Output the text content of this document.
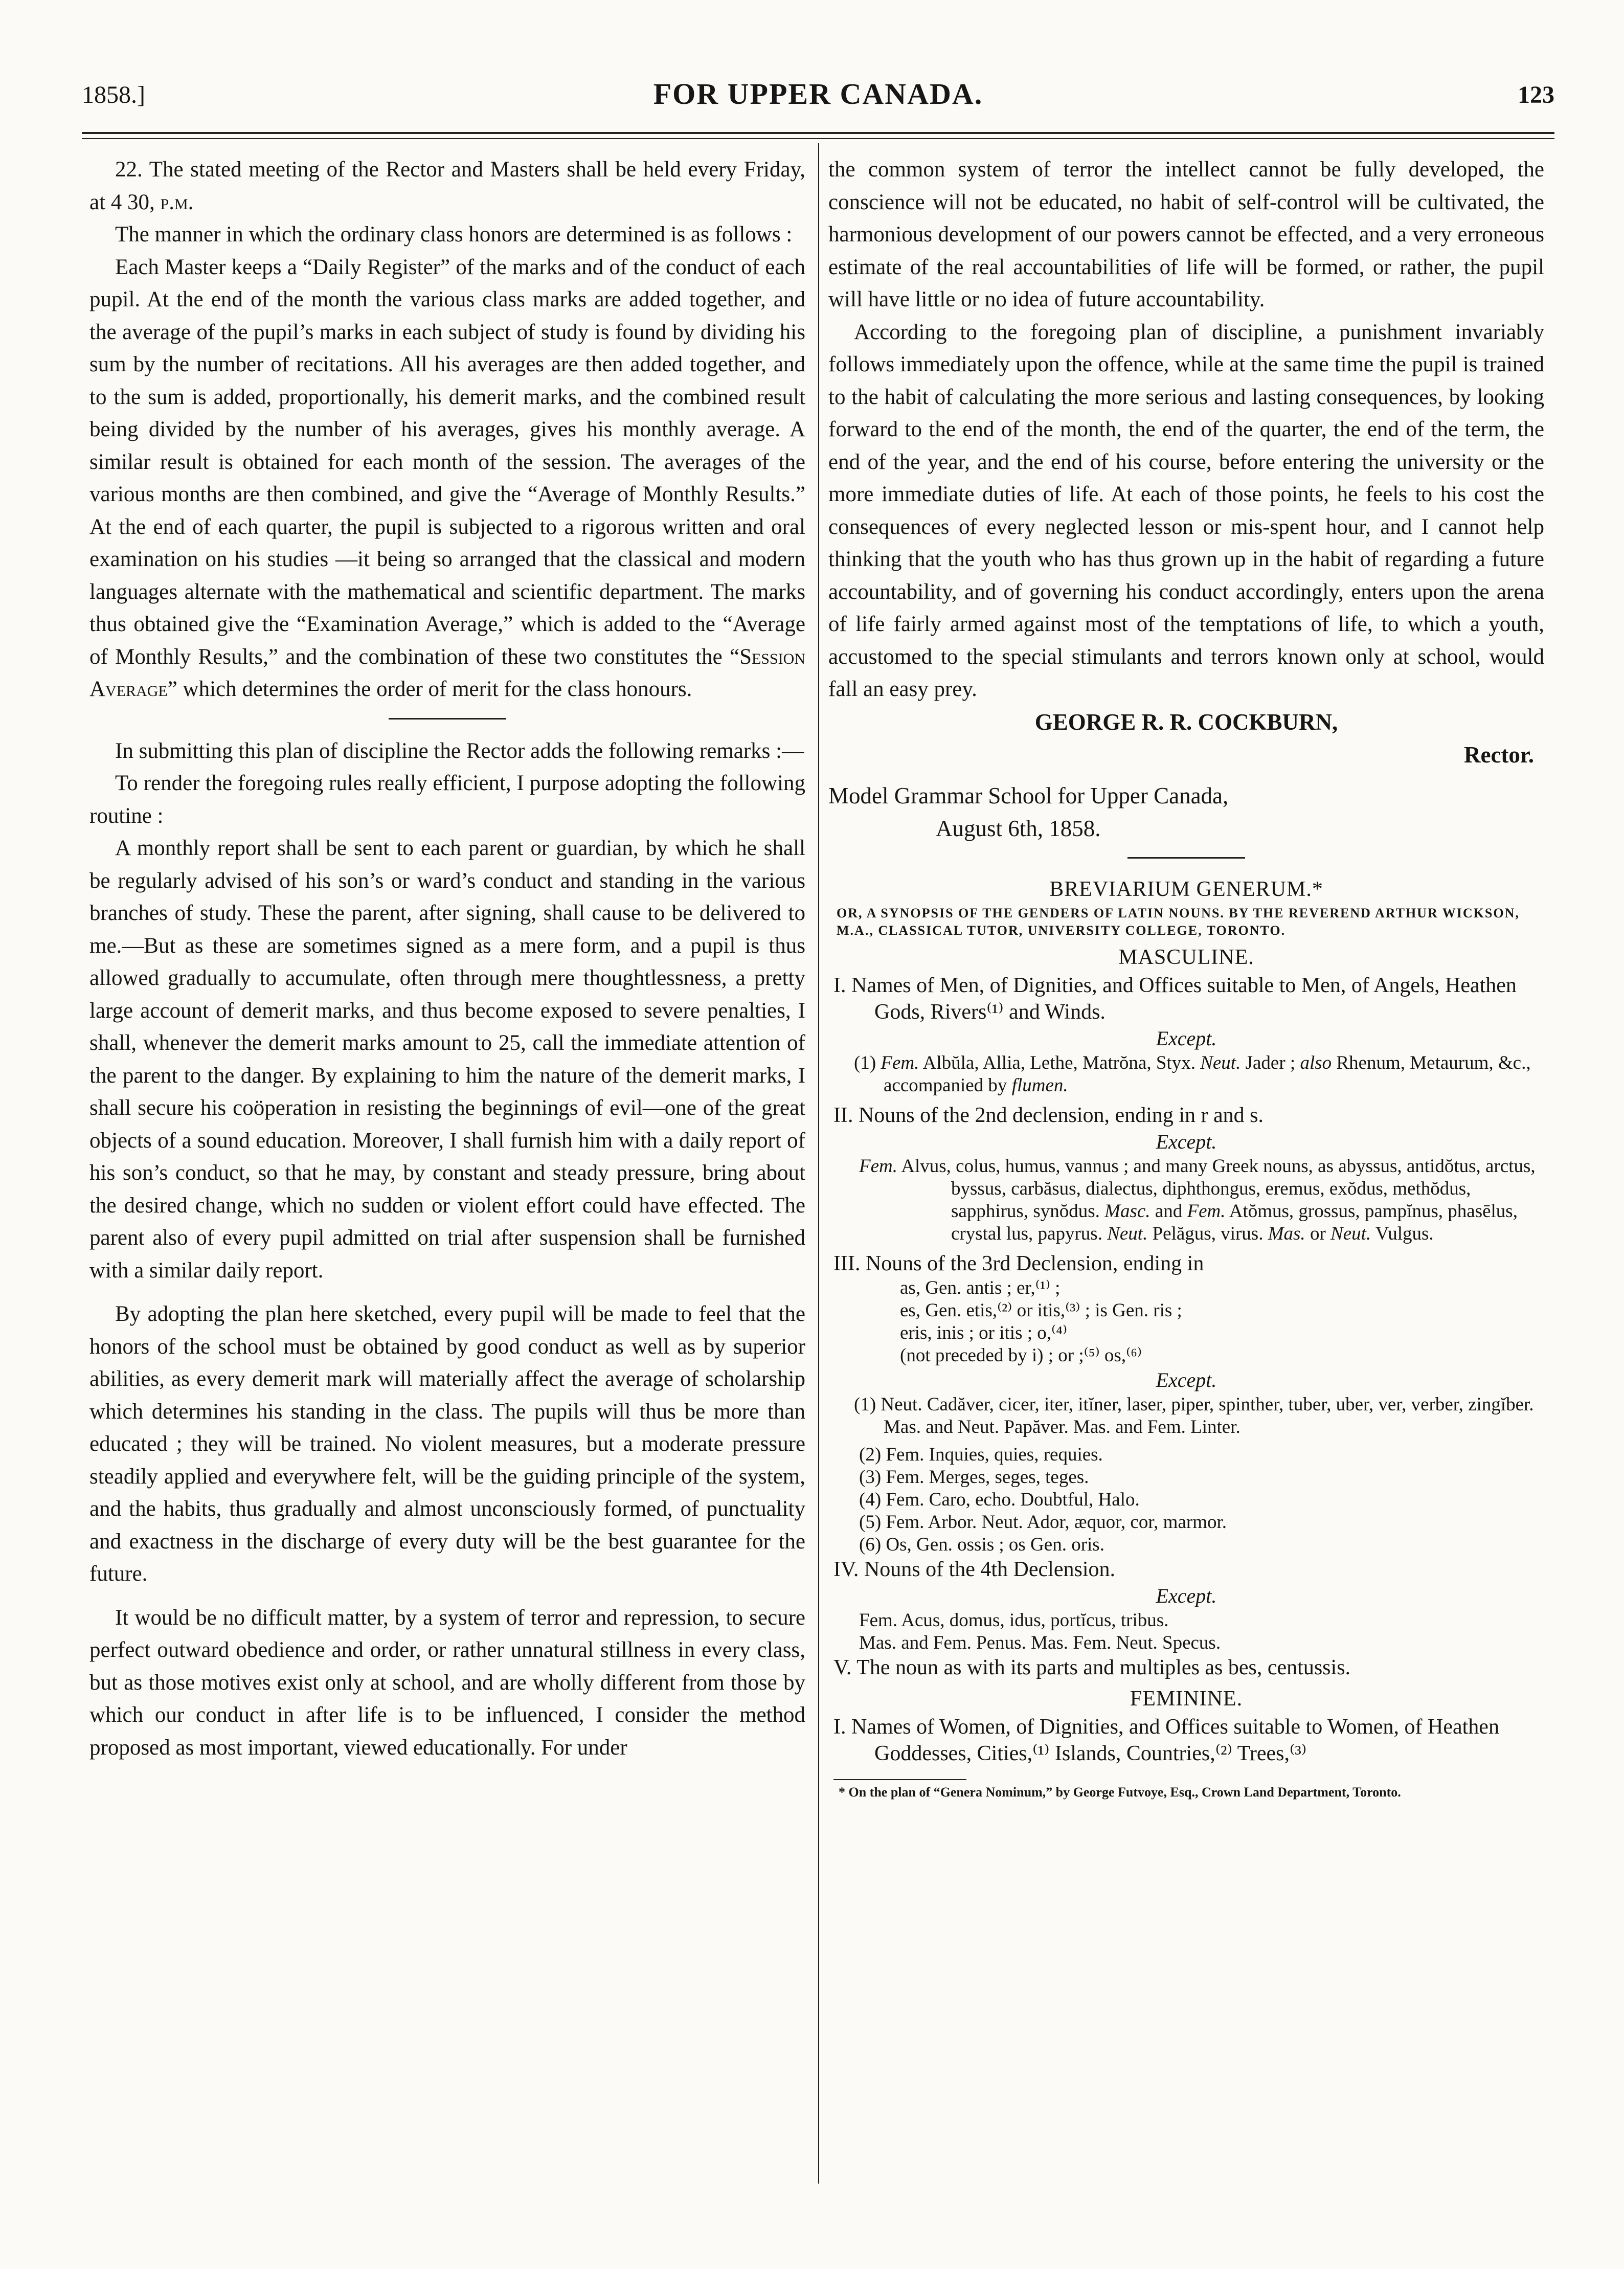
1858.]	FOR UPPER CANADA.	123

22. The stated meeting of the Rector and Masters shall be held every Friday, at 4 30, p.m.

The manner in which the ordinary class honors are determined is as follows :

Each Master keeps a “Daily Register” of the marks and of the conduct of each pupil. At the end of the month the various class marks are added together, and the average of the pupil’s marks in each subject of study is found by dividing his sum by the number of recitations. All his averages are then added together, and to the sum is added, proportionally, his demerit marks, and the combined result being divided by the number of his averages, gives his monthly average. A similar result is obtained for each month of the session. The averages of the various months are then combined, and give the “Average of Monthly Results.” At the end of each quarter, the pupil is subjected to a rigorous written and oral examination on his studies —it being so arranged that the classical and modern languages alternate with the mathematical and scientific department. The marks thus obtained give the “Examination Average,” which is added to the “Average of Monthly Results,” and the combination of these two constitutes the “Session Average” which determines the order of merit for the class honours.

In submitting this plan of discipline the Rector adds the following remarks :—

To render the foregoing rules really efficient, I purpose adopting the following routine :

A monthly report shall be sent to each parent or guardian, by which he shall be regularly advised of his son’s or ward’s conduct and standing in the various branches of study. These the parent, after signing, shall cause to be delivered to me.—But as these are sometimes signed as a mere form, and a pupil is thus allowed gradually to accumulate, often through mere thoughtlessness, a pretty large account of demerit marks, and thus become exposed to severe penalties, I shall, whenever the demerit marks amount to 25, call the immediate attention of the parent to the danger. By explaining to him the nature of the demerit marks, I shall secure his coöperation in resisting the beginnings of evil—one of the great objects of a sound education. Moreover, I shall furnish him with a daily report of his son’s conduct, so that he may, by constant and steady pressure, bring about the desired change, which no sudden or violent effort could have effected. The parent also of every pupil admitted on trial after suspension shall be furnished with a similar daily report.

By adopting the plan here sketched, every pupil will be made to feel that the honors of the school must be obtained by good conduct as well as by superior abilities, as every demerit mark will materially affect the average of scholarship which determines his standing in the class. The pupils will thus be more than educated ; they will be trained. No violent measures, but a moderate pressure steadily applied and everywhere felt, will be the guiding principle of the system, and the habits, thus gradually and almost unconsciously formed, of punctuality and exactness in the discharge of every duty will be the best guarantee for the future.

It would be no difficult matter, by a system of terror and repression, to secure perfect outward obedience and order, or rather unnatural stillness in every class, but as those motives exist only at school, and are wholly different from those by which our conduct in after life is to be influenced, I consider the method proposed as most important, viewed educationally. For under

the common system of terror the intellect cannot be fully developed, the conscience will not be educated, no habit of self-control will be cultivated, the harmonious development of our powers cannot be effected, and a very erroneous estimate of the real accountabilities of life will be formed, or rather, the pupil will have little or no idea of future accountability.

According to the foregoing plan of discipline, a punishment invariably follows immediately upon the offence, while at the same time the pupil is trained to the habit of calculating the more serious and lasting consequences, by looking forward to the end of the month, the end of the quarter, the end of the term, the end of the year, and the end of his course, before entering the university or the more immediate duties of life. At each of those points, he feels to his cost the consequences of every neglected lesson or mis-spent hour, and I cannot help thinking that the youth who has thus grown up in the habit of regarding a future accountability, and of governing his conduct accordingly, enters upon the arena of life fairly armed against most of the temptations of life, to which a youth, accustomed to the special stimulants and terrors known only at school, would fall an easy prey.

GEORGE R. R. COCKBURN,
Rector.
Model Grammar School for Upper Canada,
August 6th, 1858.
BREVIARIUM GENERUM.*
OR, A SYNOPSIS OF THE GENDERS OF LATIN NOUNS. BY THE REVEREND ARTHUR WICKSON, M.A., CLASSICAL TUTOR, UNIVERSITY COLLEGE, TORONTO.
MASCULINE.
I. Names of Men, of Dignities, and Offices suitable to Men, of Angels, Heathen Gods, Rivers⁽¹⁾ and Winds.
Except.
(1) Fem. Albŭla, Allia, Lethe, Matrŏna, Styx. Neut. Jader ; also Rhenum, Metaurum, &c., accompanied by flumen.
II. Nouns of the 2nd declension, ending in r and s.
Except.
Fem. Alvus, colus, humus, vannus ; and many Greek nouns, as abyssus, antidŏtus, arctus, byssus, carbăsus, dialectus, diphthongus, eremus, exŏdus, methŏdus, sapphirus, synŏdus. Masc. and Fem. Atŏmus, grossus, pampĭnus, phasēlus, crystal lus, papyrus. Neut. Pelăgus, virus. Mas. or Neut. Vulgus.
III. Nouns of the 3rd Declension, ending in
as, Gen. antis ; er,⁽¹⁾ ;
es, Gen. etis,⁽²⁾ or itis,⁽³⁾ ; is Gen. ris ;
eris, inis ; or itis ; o,⁽⁴⁾
(not preceded by i) ; or ;⁽⁵⁾ os,⁽⁶⁾
Except.
(1) Neut. Cadăver, cicer, iter, itĭner, laser, piper, spinther, tuber, uber, ver, verber, zingĭber. Mas. and Neut. Papăver. Mas. and Fem. Linter.
(2) Fem. Inquies, quies, requies.
(3) Fem. Merges, seges, teges.
(4) Fem. Caro, echo. Doubtful, Halo.
(5) Fem. Arbor. Neut. Ador, æquor, cor, marmor.
(6) Os, Gen. ossis ; os Gen. oris.
IV. Nouns of the 4th Declension.
Except.
Fem. Acus, domus, idus, portĭcus, tribus.
Mas. and Fem. Penus. Mas. Fem. Neut. Specus.
V. The noun as with its parts and multiples as bes, centussis.
FEMININE.
I. Names of Women, of Dignities, and Offices suitable to Women, of Heathen Goddesses, Cities,⁽¹⁾ Islands, Countries,⁽²⁾ Trees,⁽³⁾
* On the plan of “Genera Nominum,” by George Futvoye, Esq., Crown Land Department, Toronto.
